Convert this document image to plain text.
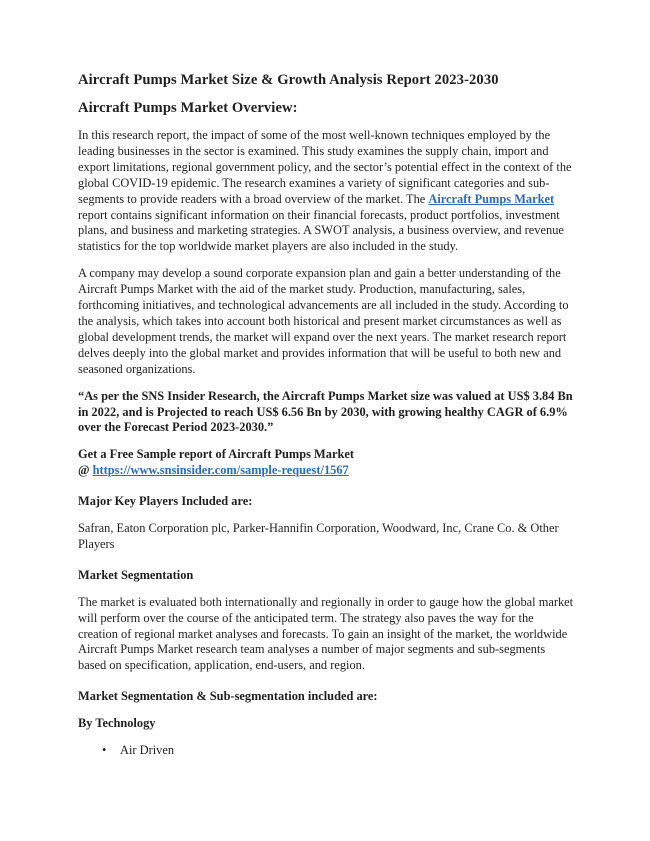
Aircraft Pumps Market Size & Growth Analysis Report 2023-2030
Aircraft Pumps Market Overview:

In this research report, the impact of some of the most well-known techniques employed by the leading businesses in the sector is examined. This study examines the supply chain, import and export limitations, regional government policy, and the sector’s potential effect in the context of the global COVID-19 epidemic. The research examines a variety of significant categories and sub-segments to provide readers with a broad overview of the market. The Aircraft Pumps Market report contains significant information on their financial forecasts, product portfolios, investment plans, and business and marketing strategies. A SWOT analysis, a business overview, and revenue statistics for the top worldwide market players are also included in the study.

A company may develop a sound corporate expansion plan and gain a better understanding of the Aircraft Pumps Market with the aid of the market study. Production, manufacturing, sales, forthcoming initiatives, and technological advancements are all included in the study. According to the analysis, which takes into account both historical and present market circumstances as well as global development trends, the market will expand over the next years. The market research report delves deeply into the global market and provides information that will be useful to both new and seasoned organizations.

“As per the SNS Insider Research, the Aircraft Pumps Market size was valued at US$ 3.84 Bn in 2022, and is Projected to reach US$ 6.56 Bn by 2030, with growing healthy CAGR of 6.9% over the Forecast Period 2023-2030.”

Get a Free Sample report of Aircraft Pumps Market
@ https://www.snsinsider.com/sample-request/1567

Major Key Players Included are:

Safran, Eaton Corporation plc, Parker-Hannifin Corporation, Woodward, Inc, Crane Co. & Other Players

Market Segmentation

The market is evaluated both internationally and regionally in order to gauge how the global market will perform over the course of the anticipated term. The strategy also paves the way for the creation of regional market analyses and forecasts. To gain an insight of the market, the worldwide Aircraft Pumps Market research team analyses a number of major segments and sub-segments based on specification, application, end-users, and region.

Market Segmentation & Sub-segmentation included are:

By Technology

•	Air Driven
